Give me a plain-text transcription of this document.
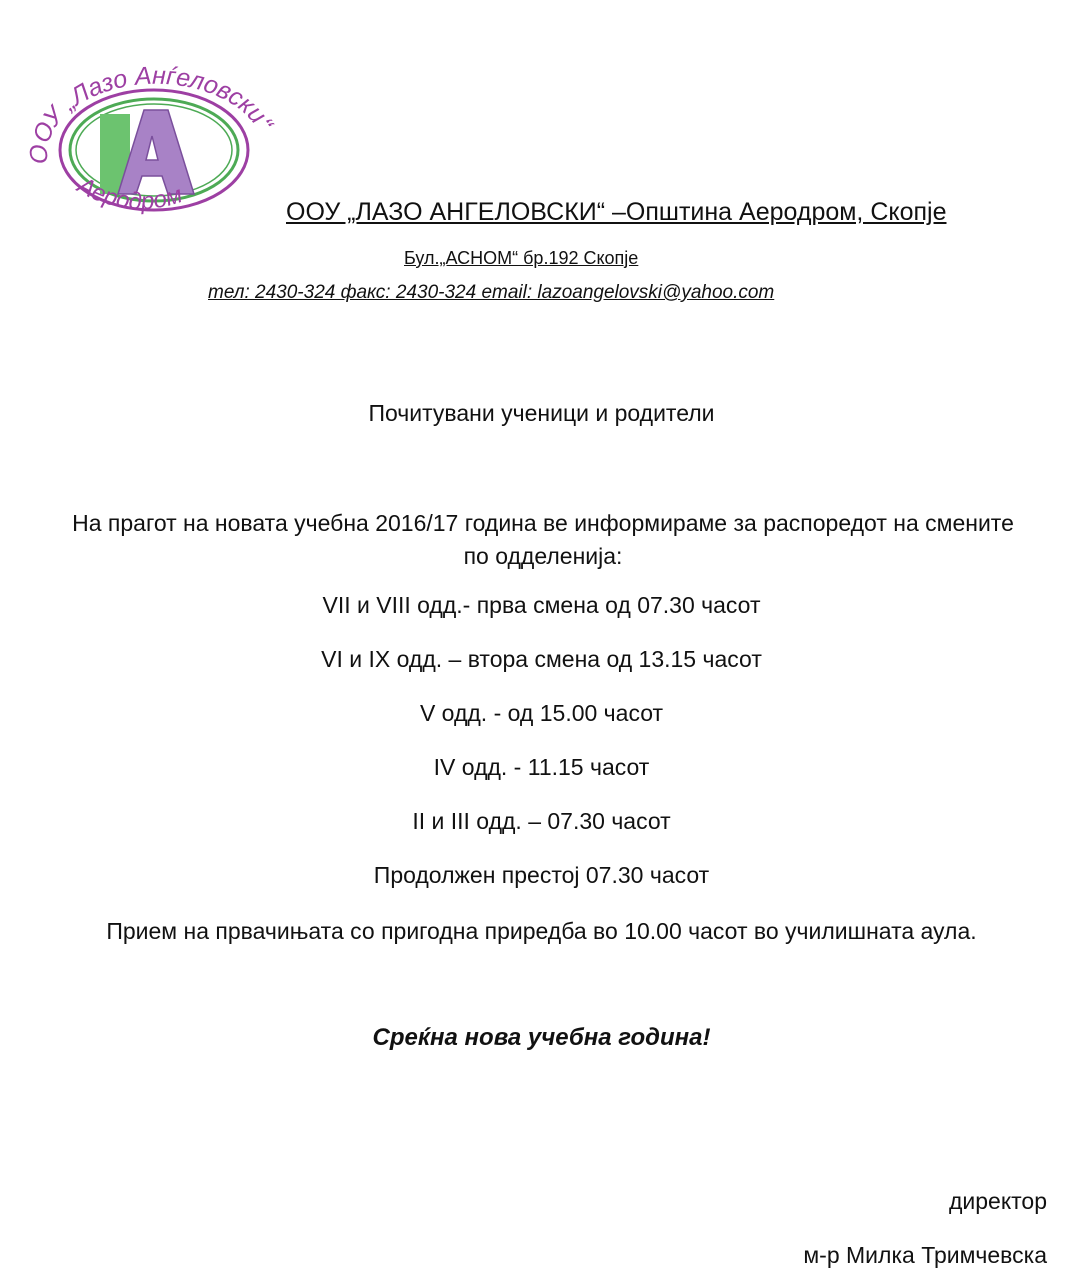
ООУ „Лазо Анѓеловски“
Аеродром
ООУ „ЛАЗО АНГЕЛОВСКИ“ –Општина Аеродром, Скопје
Бул.„АСНОМ“ бр.192 Скопје
тел: 2430-324 факс: 2430-324 email: lazoangelovski@yahoo.com
Почитувани ученици и родители
На прагот на новата учебна 2016/17 година ве информираме за распоредот на смените по одделенија:
VII и VIII одд.- прва смена од 07.30 часот
VI и IX одд. – втора смена од 13.15 часот
V одд. - од 15.00 часот
IV одд. - 11.15 часот
II и III одд. – 07.30 часот
Продолжен престој 07.30 часот
Прием на првачињата со пригодна приредба во 10.00 часот во училишната аула.
Среќна нова учебна година!
директор
м-р Милка Тримчевска
